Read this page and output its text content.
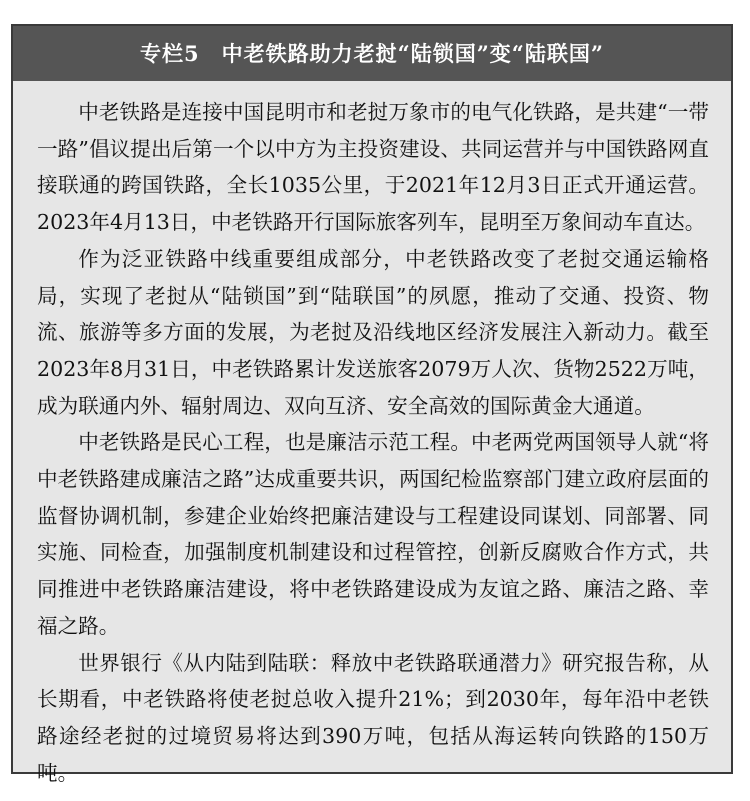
专栏5　中老铁路助力老挝“陆锁国”变“陆联国”

中老铁路是连接中国昆明市和老挝万象市的电气化铁路，是共建“一带一路”倡议提出后第一个以中方为主投资建设、共同运营并与中国铁路网直接联通的跨国铁路，全长1035公里，于2021年12月3日正式开通运营。2023年4月13日，中老铁路开行国际旅客列车，昆明至万象间动车直达。

作为泛亚铁路中线重要组成部分，中老铁路改变了老挝交通运输格局，实现了老挝从“陆锁国”到“陆联国”的夙愿，推动了交通、投资、物流、旅游等多方面的发展，为老挝及沿线地区经济发展注入新动力。截至2023年8月31日，中老铁路累计发送旅客2079万人次、货物2522万吨，成为联通内外、辐射周边、双向互济、安全高效的国际黄金大通道。

中老铁路是民心工程，也是廉洁示范工程。中老两党两国领导人就“将中老铁路建成廉洁之路”达成重要共识，两国纪检监察部门建立政府层面的监督协调机制，参建企业始终把廉洁建设与工程建设同谋划、同部署、同实施、同检查，加强制度机制建设和过程管控，创新反腐败合作方式，共同推进中老铁路廉洁建设，将中老铁路建设成为友谊之路、廉洁之路、幸福之路。

世界银行《从内陆到陆联：释放中老铁路联通潜力》研究报告称，从长期看，中老铁路将使老挝总收入提升21%；到2030年，每年沿中老铁路途经老挝的过境贸易将达到390万吨，包括从海运转向铁路的150万吨。
